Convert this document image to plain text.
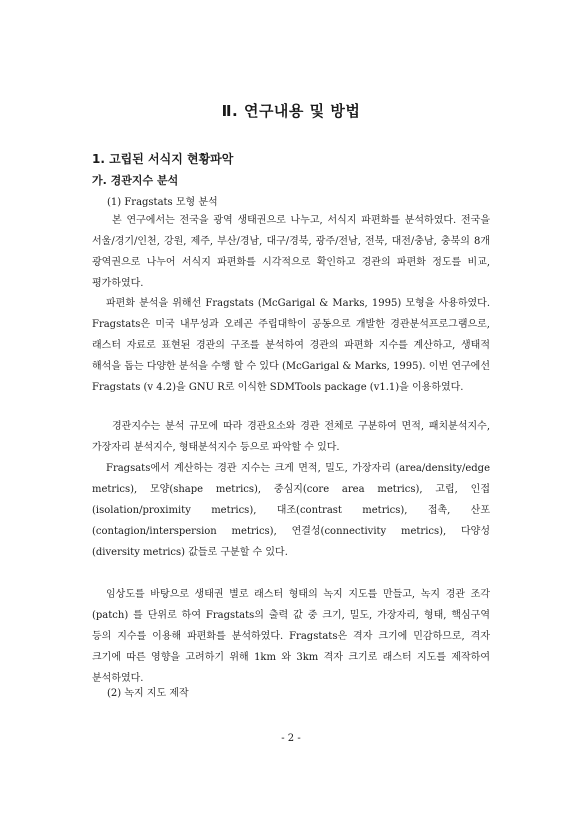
Ⅱ. 연구내용 및 방법
1. 고립된 서식지 현황파악
가. 경관지수 분석
(1) Fragstats 모형 분석

본 연구에서는 전국을 광역 생태권으로 나누고, 서식지 파편화를 분석하였다. 전국을 서울/경기/인천, 강원, 제주, 부산/경남, 대구/경북, 광주/전남, 전북, 대전/충남, 충북의 8개 광역권으로 나누어 서식지 파편화를 시각적으로 확인하고 경관의 파편화 정도를 비교, 평가하였다.

파편화 분석을 위해선 Fragstats (McGarigal & Marks, 1995) 모형을 사용하였다. Fragstats은 미국 내무성과 오레곤 주립대학이 공동으로 개발한 경관분석프로그램으로, 래스터 자료로 표현된 경관의 구조를 분석하여 경관의 파편화 지수를 계산하고, 생태적 해석을 돕는 다양한 분석을 수행 할 수 있다 (McGarigal & Marks, 1995). 이번 연구에선 Fragstats (v 4.2)을 GNU R로 이식한 SDMTools package (v1.1)을 이용하였다.

경관지수는 분석 규모에 따라 경관요소와 경관 전체로 구분하여 면적, 패치분석지수, 가장자리 분석지수, 형태분석지수 등으로 파악할 수 있다.

Fragsats에서 계산하는 경관 지수는 크게 면적, 밀도, 가장자리 (area/density/edge metrics), 모양(shape metrics), 중심지(core area metrics), 고립, 인접(isolation/proximity metrics), 대조(contrast metrics), 접촉, 산포 (contagion/interspersion metrics), 연결성(connectivity metrics), 다양성 (diversity metrics) 값들로 구분할 수 있다.

임상도를 바탕으로 생태권 별로 래스터 형태의 녹지 지도를 만들고, 녹지 경관 조각(patch) 를 단위로 하여 Fragstats의 출력 값 중 크기, 밀도, 가장자리, 형태, 핵심구역 등의 지수를 이용해 파편화를 분석하였다. Fragstats은 격자 크기에 민감하므로, 격자 크기에 따른 영향을 고려하기 위해 1km 와 3km 격자 크기로 래스터 지도를 제작하여 분석하였다.

(2) 녹지 지도 제작
- 2 -
